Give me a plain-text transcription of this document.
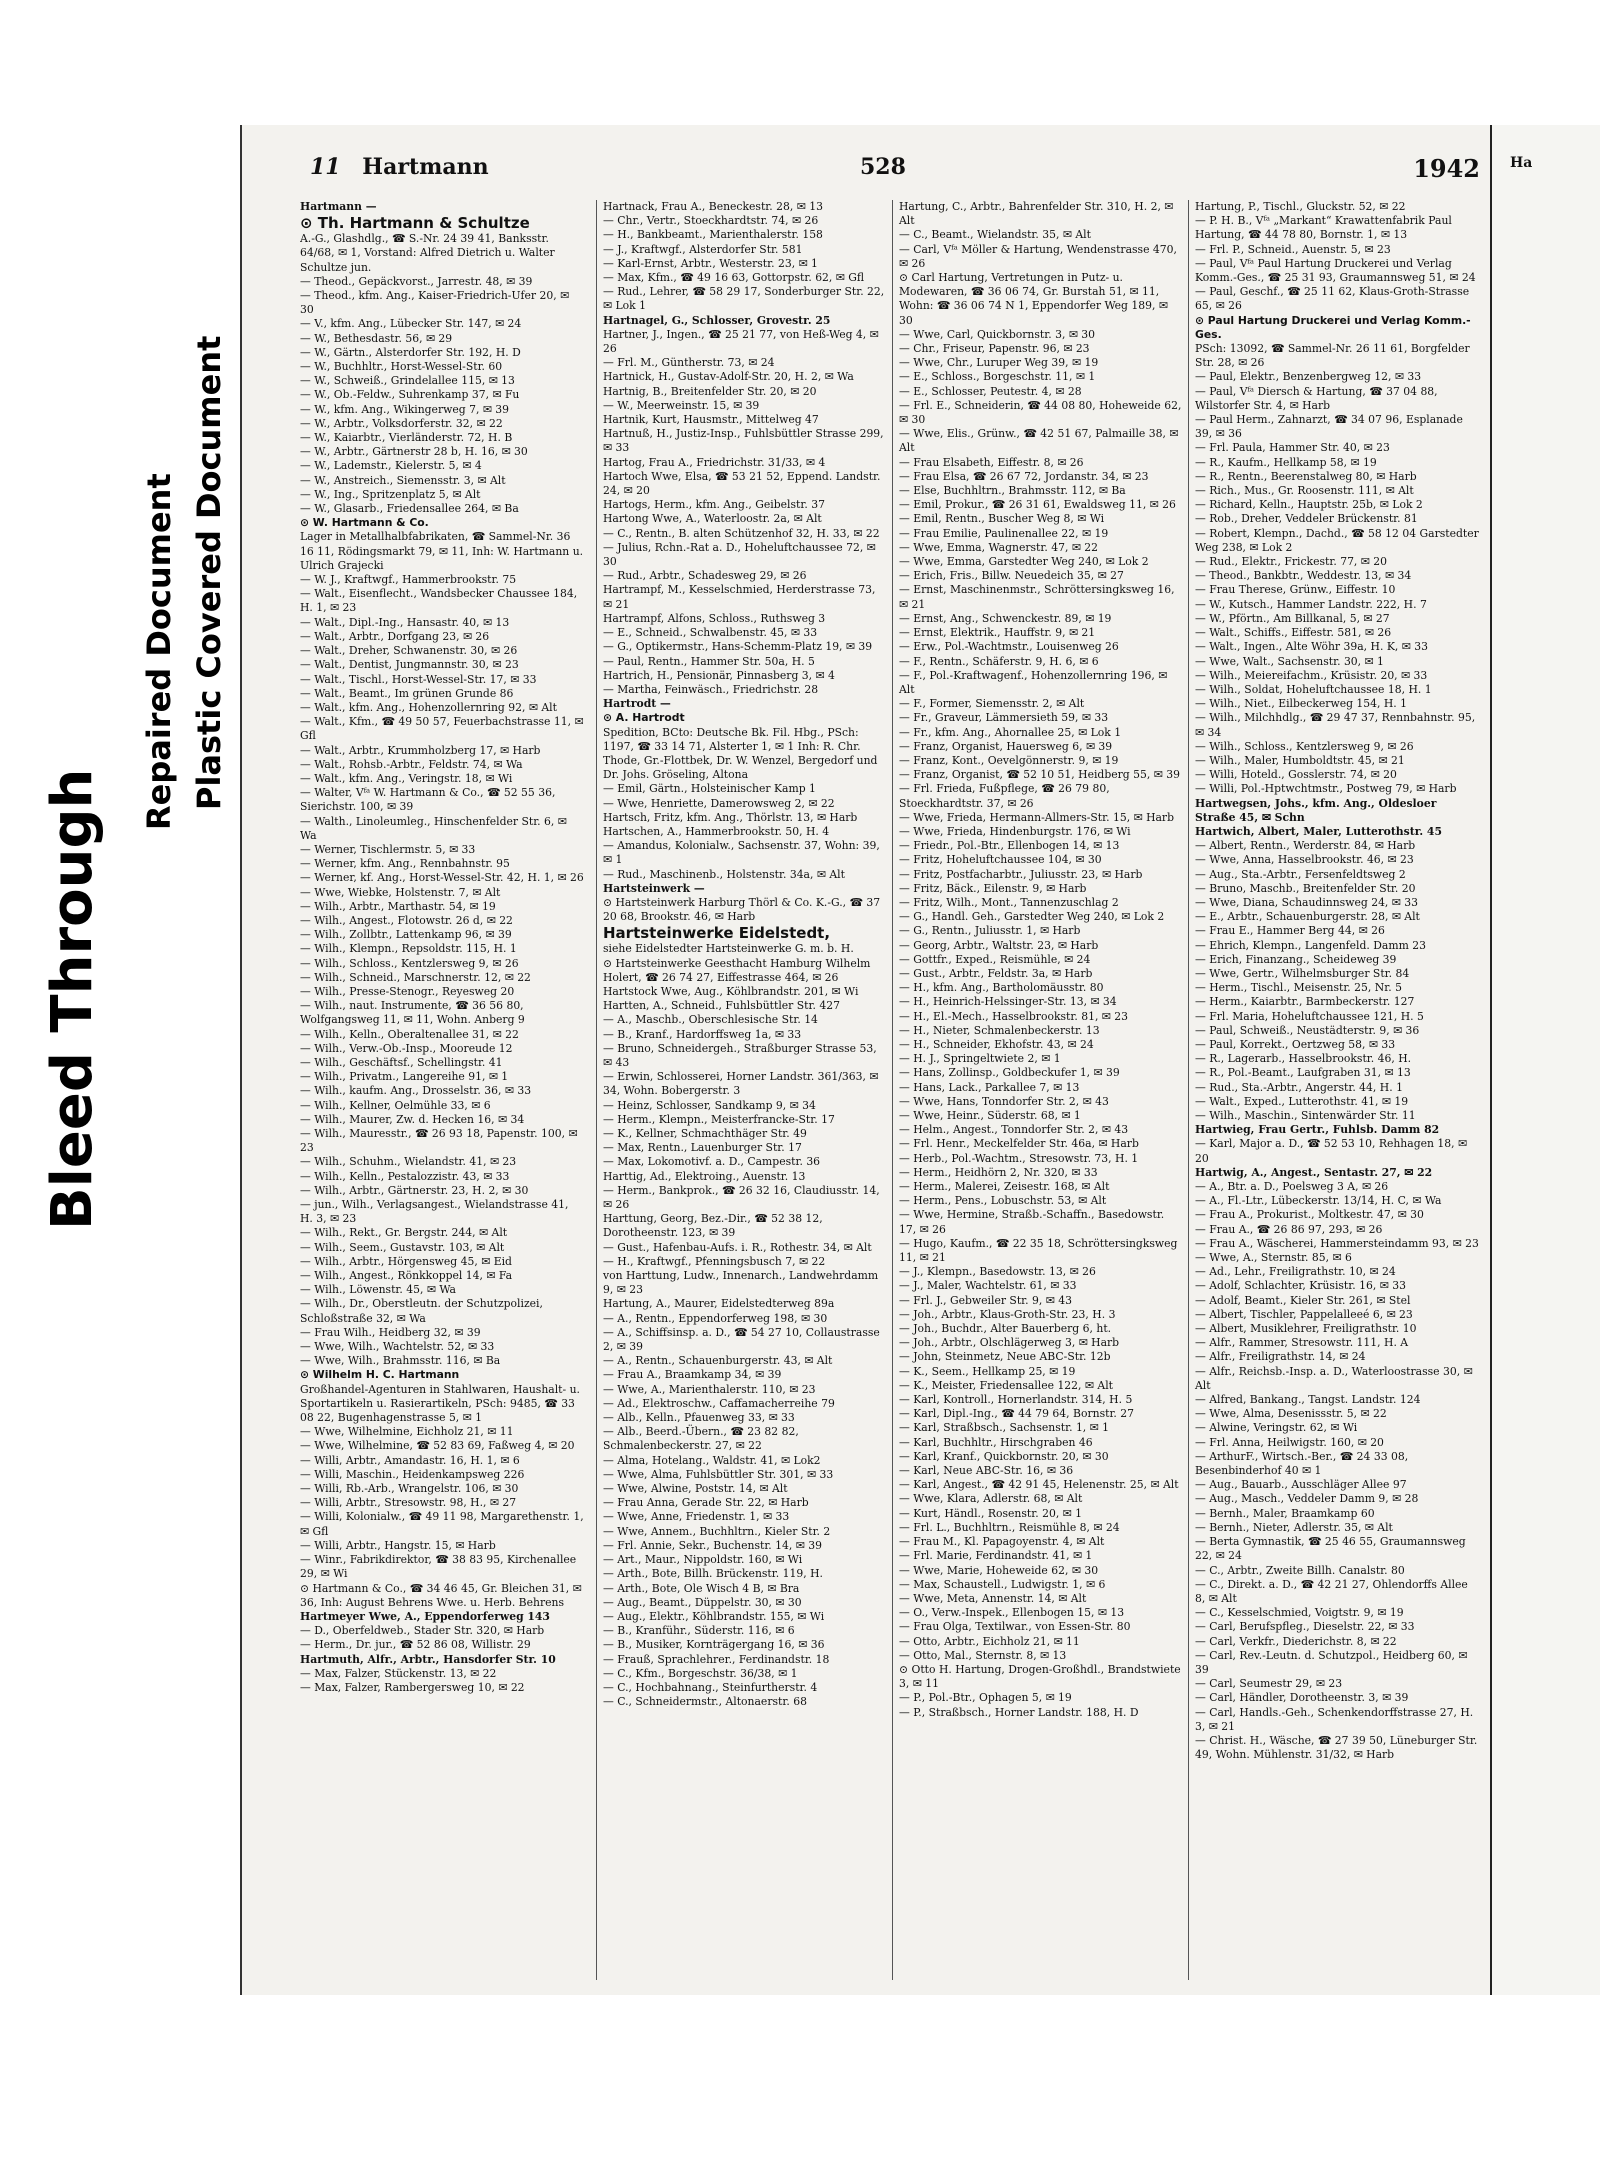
Bleed Through
Repaired Document Plastic Covered Document
Ha
11 Hartmann	528	1942
Hartmann —
⊙ Th. Hartmann & Schultze
A.-G., Glashdlg., ☎ S.-Nr. 24 39 41, Banksstr. 64/68, ✉ 1, Vorstand: Alfred Dietrich u. Walter Schultze jun.
— Theod., Gepäckvorst., Jarrestr. 48, ✉ 39
— Theod., kfm. Ang., Kaiser-Friedrich-Ufer 20, ✉ 30
— V., kfm. Ang., Lübecker Str. 147, ✉ 24
— W., Bethesdastr. 56, ✉ 29
— W., Gärtn., Alsterdorfer Str. 192, H. D
— W., Buchhltr., Horst-Wessel-Str. 60
— W., Schweiß., Grindelallee 115, ✉ 13
— W., Ob.-Feldw., Suhrenkamp 37, ✉ Fu
— W., kfm. Ang., Wikingerweg 7, ✉ 39
— W., Arbtr., Volksdorferstr. 32, ✉ 22
— W., Kaiarbtr., Vierländerstr. 72, H. B
— W., Arbtr., Gärtnerstr 28 b, H. 16, ✉ 30
— W., Lademstr., Kielerstr. 5, ✉ 4
— W., Anstreich., Siemensstr. 3, ✉ Alt
— W., Ing., Spritzenplatz 5, ✉ Alt
— W., Glasarb., Friedensallee 264, ✉ Ba
⊙ W. Hartmann & Co.
Lager in Metallhalbfabrikaten, ☎ Sammel-Nr. 36 16 11, Rödingsmarkt 79, ✉ 11, Inh: W. Hartmann u. Ulrich Grajecki
— W. J., Kraftwgf., Hammerbrookstr. 75
— Walt., Eisenflecht., Wandsbecker Chaussee 184, H. 1, ✉ 23
— Walt., Dipl.-Ing., Hansastr. 40, ✉ 13
— Walt., Arbtr., Dorfgang 23, ✉ 26
— Walt., Dreher, Schwanenstr. 30, ✉ 26
— Walt., Dentist, Jungmannstr. 30, ✉ 23
— Walt., Tischl., Horst-Wessel-Str. 17, ✉ 33
— Walt., Beamt., Im grünen Grunde 86
— Walt., kfm. Ang., Hohenzollernring 92, ✉ Alt
— Walt., Kfm., ☎ 49 50 57, Feuerbachstrasse 11, ✉ Gfl
— Walt., Arbtr., Krummholzberg 17, ✉ Harb
— Walt., Rohsb.-Arbtr., Feldstr. 74, ✉ Wa
— Walt., kfm. Ang., Veringstr. 18, ✉ Wi
— Walter, Vᶠᵃ W. Hartmann & Co., ☎ 52 55 36, Sierichstr. 100, ✉ 39
— Walth., Linoleumleg., Hinschenfelder Str. 6, ✉ Wa
— Werner, Tischlermstr. 5, ✉ 33
— Werner, kfm. Ang., Rennbahnstr. 95
— Werner, kf. Ang., Horst-Wessel-Str. 42, H. 1, ✉ 26
— Wwe, Wiebke, Holstenstr. 7, ✉ Alt
— Wilh., Arbtr., Marthastr. 54, ✉ 19
— Wilh., Angest., Flotowstr. 26 d, ✉ 22
— Wilh., Zollbtr., Lattenkamp 96, ✉ 39
— Wilh., Klempn., Repsoldstr. 115, H. 1
— Wilh., Schloss., Kentzlersweg 9, ✉ 26
— Wilh., Schneid., Marschnerstr. 12, ✉ 22
— Wilh., Presse-Stenogr., Reyesweg 20
— Wilh., naut. Instrumente, ☎ 36 56 80, Wolfgangsweg 11, ✉ 11, Wohn. Anberg 9
— Wilh., Kelln., Oberaltenallee 31, ✉ 22
— Wilh., Verw.-Ob.-Insp., Mooreude 12
— Wilh., Geschäftsf., Schellingstr. 41
— Wilh., Privatm., Langereihe 91, ✉ 1
— Wilh., kaufm. Ang., Drosselstr. 36, ✉ 33
— Wilh., Kellner, Oelmühle 33, ✉ 6
— Wilh., Maurer, Zw. d. Hecken 16, ✉ 34
— Wilh., Mauresstr., ☎ 26 93 18, Papenstr. 100, ✉ 23
— Wilh., Schuhm., Wielandstr. 41, ✉ 23
— Wilh., Kelln., Pestalozzistr. 43, ✉ 33
— Wilh., Arbtr., Gärtnerstr. 23, H. 2, ✉ 30
— jun., Wilh., Verlagsangest., Wielandstrasse 41, H. 3, ✉ 23
— Wilh., Rekt., Gr. Bergstr. 244, ✉ Alt
— Wilh., Seem., Gustavstr. 103, ✉ Alt
— Wilh., Arbtr., Hörgensweg 45, ✉ Eid
— Wilh., Angest., Rönkkoppel 14, ✉ Fa
— Wilh., Löwenstr. 45, ✉ Wa
— Wilh., Dr., Oberstleutn. der Schutzpolizei, Schloßstraße 32, ✉ Wa
— Frau Wilh., Heidberg 32, ✉ 39
— Wwe, Wilh., Wachtelstr. 52, ✉ 33
— Wwe, Wilh., Brahmsstr. 116, ✉ Ba
⊙ Wilhelm H. C. Hartmann
Großhandel-Agenturen in Stahlwaren, Haushalt- u. Sportartikeln u. Rasierartikeln, PSch: 9485, ☎ 33 08 22, Bugenhagenstrasse 5, ✉ 1
— Wwe, Wilhelmine, Eichholz 21, ✉ 11
— Wwe, Wilhelmine, ☎ 52 83 69, Faßweg 4, ✉ 20
— Willi, Arbtr., Amandastr. 16, H. 1, ✉ 6
— Willi, Maschin., Heidenkampsweg 226
— Willi, Rb.-Arb., Wrangelstr. 106, ✉ 30
— Willi, Arbtr., Stresowstr. 98, H., ✉ 27
— Willi, Kolonialw., ☎ 49 11 98, Margarethenstr. 1, ✉ Gfl
— Willi, Arbtr., Hangstr. 15, ✉ Harb
— Winr., Fabrikdirektor, ☎ 38 83 95, Kirchenallee 29, ✉ Wi
⊙ Hartmann & Co., ☎ 34 46 45, Gr. Bleichen 31, ✉ 36, Inh: August Behrens Wwe. u. Herb. Behrens
Hartmeyer Wwe, A., Eppendorferweg 143
— D., Oberfeldweb., Stader Str. 320, ✉ Harb
— Herm., Dr. jur., ☎ 52 86 08, Willistr. 29
Hartmuth, Alfr., Arbtr., Hansdorfer Str. 10
— Max, Falzer, Stückenstr. 13, ✉ 22
— Max, Falzer, Rambergersweg 10, ✉ 22
Hartnack, Frau A., Beneckestr. 28, ✉ 13
— Chr., Vertr., Stoeckhardtstr. 74, ✉ 26
— H., Bankbeamt., Marienthalerstr. 158
— J., Kraftwgf., Alsterdorfer Str. 581
— Karl-Ernst, Arbtr., Westerstr. 23, ✉ 1
— Max, Kfm., ☎ 49 16 63, Gottorpstr. 62, ✉ Gfl
— Rud., Lehrer, ☎ 58 29 17, Sonderburger Str. 22, ✉ Lok 1
Hartnagel, G., Schlosser, Grovestr. 25
Hartner, J., Ingen., ☎ 25 21 77, von Heß-Weg 4, ✉ 26
— Frl. M., Güntherstr. 73, ✉ 24
Hartnick, H., Gustav-Adolf-Str. 20, H. 2, ✉ Wa
Hartnig, B., Breitenfelder Str. 20, ✉ 20
— W., Meerweinstr. 15, ✉ 39
Hartnik, Kurt, Hausmstr., Mittelweg 47
Hartnuß, H., Justiz-Insp., Fuhlsbüttler Strasse 299, ✉ 33
Hartog, Frau A., Friedrichstr. 31/33, ✉ 4
Hartoch Wwe, Elsa, ☎ 53 21 52, Eppend. Landstr. 24, ✉ 20
Hartogs, Herm., kfm. Ang., Geibelstr. 37
Hartong Wwe, A., Waterloostr. 2a, ✉ Alt
— C., Rentn., B. alten Schützenhof 32, H. 33, ✉ 22
— Julius, Rchn.-Rat a. D., Hoheluftchaussee 72, ✉ 30
— Rud., Arbtr., Schadesweg 29, ✉ 26
Hartrampf, M., Kesselschmied, Herderstrasse 73, ✉ 21
Hartrampf, Alfons, Schloss., Ruthsweg 3
— E., Schneid., Schwalbenstr. 45, ✉ 33
— G., Optikermstr., Hans-Schemm-Platz 19, ✉ 39
— Paul, Rentn., Hammer Str. 50a, H. 5
Hartrich, H., Pensionär, Pinnasberg 3, ✉ 4
— Martha, Feinwäsch., Friedrichstr. 28
Hartrodt —
⊙ A. Hartrodt
Spedition, BCto: Deutsche Bk. Fil. Hbg., PSch: 1197, ☎ 33 14 71, Alsterter 1, ✉ 1 Inh: R. Chr. Thode, Gr.-Flottbek, Dr. W. Wenzel, Bergedorf und Dr. Johs. Gröseling, Altona
— Emil, Gärtn., Holsteinischer Kamp 1
— Wwe, Henriette, Damerowsweg 2, ✉ 22
Hartsch, Fritz, kfm. Ang., Thörlstr. 13, ✉ Harb
Hartschen, A., Hammerbrookstr. 50, H. 4
— Amandus, Kolonialw., Sachsenstr. 37, Wohn: 39, ✉ 1
— Rud., Maschinenb., Holstenstr. 34a, ✉ Alt
Hartsteinwerk —
⊙ Hartsteinwerk Harburg Thörl & Co. K.-G., ☎ 37 20 68, Brookstr. 46, ✉ Harb
Hartsteinwerke Eidelstedt,
siehe Eidelstedter Hartsteinwerke G. m. b. H.
⊙ Hartsteinwerke Geesthacht Hamburg Wilhelm Holert, ☎ 26 74 27, Eiffestrasse 464, ✉ 26
Hartstock Wwe, Aug., Köhlbrandstr. 201, ✉ Wi
Hartten, A., Schneid., Fuhlsbüttler Str. 427
— A., Maschb., Oberschlesische Str. 14
— B., Kranf., Hardorffsweg 1a, ✉ 33
— Bruno, Schneidergeh., Straßburger Strasse 53, ✉ 43
— Erwin, Schlosserei, Horner Landstr. 361/363, ✉ 34, Wohn. Bobergerstr. 3
— Heinz, Schlosser, Sandkamp 9, ✉ 34
— Herm., Klempn., Meisterfrancke-Str. 17
— K., Kellner, Schmachthäger Str. 49
— Max, Rentn., Lauenburger Str. 17
— Max, Lokomotivf. a. D., Campestr. 36
Harttig, Ad., Elektroing., Auenstr. 13
— Herm., Bankprok., ☎ 26 32 16, Claudiusstr. 14, ✉ 26
Harttung, Georg, Bez.-Dir., ☎ 52 38 12, Dorotheenstr. 123, ✉ 39
— Gust., Hafenbau-Aufs. i. R., Rothestr. 34, ✉ Alt
— H., Kraftwgf., Pfenningsbusch 7, ✉ 22
von Harttung, Ludw., Innenarch., Landwehrdamm 9, ✉ 23
Hartung, A., Maurer, Eidelstedterweg 89a
— A., Rentn., Eppendorferweg 198, ✉ 30
— A., Schiffsinsp. a. D., ☎ 54 27 10, Collaustrasse 2, ✉ 39
— A., Rentn., Schauenburgerstr. 43, ✉ Alt
— Frau A., Braamkamp 34, ✉ 39
— Wwe, A., Marienthalerstr. 110, ✉ 23
— Ad., Elektroschw., Caffamacherreihe 79
— Alb., Kelln., Pfauenweg 33, ✉ 33
— Alb., Beerd.-Übern., ☎ 23 82 82, Schmalenbeckerstr. 27, ✉ 22
— Alma, Hotelang., Waldstr. 41, ✉ Lok2
— Wwe, Alma, Fuhlsbüttler Str. 301, ✉ 33
— Wwe, Alwine, Poststr. 14, ✉ Alt
— Frau Anna, Gerade Str. 22, ✉ Harb
— Wwe, Anne, Friedenstr. 1, ✉ 33
— Wwe, Annem., Buchhltrn., Kieler Str. 2
— Frl. Annie, Sekr., Buchenstr. 14, ✉ 39
— Art., Maur., Nippoldstr. 160, ✉ Wi
— Arth., Bote, Billh. Brückenstr. 119, H.
— Arth., Bote, Ole Wisch 4 B, ✉ Bra
— Aug., Beamt., Düppelstr. 30, ✉ 30
— Aug., Elektr., Köhlbrandstr. 155, ✉ Wi
— B., Kranführ., Süderstr. 116, ✉ 6
— B., Musiker, Kornträgergang 16, ✉ 36
— Frauß, Sprachlehrer., Ferdinandstr. 18
— C., Kfm., Borgeschstr. 36/38, ✉ 1
— C., Hochbahnang., Steinfurtherstr. 4
— C., Schneidermstr., Altonaerstr. 68
Hartung, C., Arbtr., Bahrenfelder Str. 310, H. 2, ✉ Alt
— C., Beamt., Wielandstr. 35, ✉ Alt
— Carl, Vᶠᵃ Möller & Hartung, Wendenstrasse 470, ✉ 26
⊙ Carl Hartung, Vertretungen in Putz- u. Modewaren, ☎ 36 06 74, Gr. Burstah 51, ✉ 11, Wohn: ☎ 36 06 74 N 1, Eppendorfer Weg 189, ✉ 30
— Wwe, Carl, Quickbornstr. 3, ✉ 30
— Chr., Friseur, Papenstr. 96, ✉ 23
— Wwe, Chr., Luruper Weg 39, ✉ 19
— E., Schloss., Borgeschstr. 11, ✉ 1
— E., Schlosser, Peutestr. 4, ✉ 28
— Frl. E., Schneiderin, ☎ 44 08 80, Hoheweide 62, ✉ 30
— Wwe, Elis., Grünw., ☎ 42 51 67, Palmaille 38, ✉ Alt
— Frau Elsabeth, Eiffestr. 8, ✉ 26
— Frau Elsa, ☎ 26 67 72, Jordanstr. 34, ✉ 23
— Else, Buchhltrn., Brahmsstr. 112, ✉ Ba
— Emil, Prokur., ☎ 26 31 61, Ewaldsweg 11, ✉ 26
— Emil, Rentn., Buscher Weg 8, ✉ Wi
— Frau Emilie, Paulinenallee 22, ✉ 19
— Wwe, Emma, Wagnerstr. 47, ✉ 22
— Wwe, Emma, Garstedter Weg 240, ✉ Lok 2
— Erich, Fris., Billw. Neuedeich 35, ✉ 27
— Ernst, Maschinenmstr., Schröttersingksweg 16, ✉ 21
— Ernst, Ang., Schwenckestr. 89, ✉ 19
— Ernst, Elektrik., Hauffstr. 9, ✉ 21
— Erw., Pol.-Wachtmstr., Louisenweg 26
— F., Rentn., Schäferstr. 9, H. 6, ✉ 6
— F., Pol.-Kraftwagenf., Hohenzollernring 196, ✉ Alt
— F., Former, Siemensstr. 2, ✉ Alt
— Fr., Graveur, Lämmersieth 59, ✉ 33
— Fr., kfm. Ang., Ahornallee 25, ✉ Lok 1
— Franz, Organist, Hauersweg 6, ✉ 39
— Franz, Kont., Oevelgönnerstr. 9, ✉ 19
— Franz, Organist, ☎ 52 10 51, Heidberg 55, ✉ 39
— Frl. Frieda, Fußpflege, ☎ 26 79 80, Stoeckhardtstr. 37, ✉ 26
— Wwe, Frieda, Hermann-Allmers-Str. 15, ✉ Harb
— Wwe, Frieda, Hindenburgstr. 176, ✉ Wi
— Friedr., Pol.-Btr., Ellenbogen 14, ✉ 13
— Fritz, Hoheluftchaussee 104, ✉ 30
— Fritz, Postfacharbtr., Juliusstr. 23, ✉ Harb
— Fritz, Bäck., Eilenstr. 9, ✉ Harb
— Fritz, Wilh., Mont., Tannenzuschlag 2
— G., Handl. Geh., Garstedter Weg 240, ✉ Lok 2
— G., Rentn., Juliusstr. 1, ✉ Harb
— Georg, Arbtr., Waltstr. 23, ✉ Harb
— Gottfr., Exped., Reismühle, ✉ 24
— Gust., Arbtr., Feldstr. 3a, ✉ Harb
— H., kfm. Ang., Bartholomäusstr. 80
— H., Heinrich-Helssinger-Str. 13, ✉ 34
— H., El.-Mech., Hasselbrookstr. 81, ✉ 23
— H., Nieter, Schmalenbeckerstr. 13
— H., Schneider, Ekhofstr. 43, ✉ 24
— H. J., Springeltwiete 2, ✉ 1
— Hans, Zollinsp., Goldbeckufer 1, ✉ 39
— Hans, Lack., Parkallee 7, ✉ 13
— Wwe, Hans, Tonndorfer Str. 2, ✉ 43
— Wwe, Heinr., Süderstr. 68, ✉ 1
— Helm., Angest., Tonndorfer Str. 2, ✉ 43
— Frl. Henr., Meckelfelder Str. 46a, ✉ Harb
— Herb., Pol.-Wachtm., Stresowstr. 73, H. 1
— Herm., Heidhörn 2, Nr. 320, ✉ 33
— Herm., Malerei, Zeisestr. 168, ✉ Alt
— Herm., Pens., Lobuschstr. 53, ✉ Alt
— Wwe, Hermine, Straßb.-Schaffn., Basedowstr. 17, ✉ 26
— Hugo, Kaufm., ☎ 22 35 18, Schröttersingksweg 11, ✉ 21
— J., Klempn., Basedowstr. 13, ✉ 26
— J., Maler, Wachtelstr. 61, ✉ 33
— Frl. J., Gebweiler Str. 9, ✉ 43
— Joh., Arbtr., Klaus-Groth-Str. 23, H. 3
— Joh., Buchdr., Alter Bauerberg 6, ht.
— Joh., Arbtr., Olschlägerweg 3, ✉ Harb
— John, Steinmetz, Neue ABC-Str. 12b
— K., Seem., Hellkamp 25, ✉ 19
— K., Meister, Friedensallee 122, ✉ Alt
— Karl, Kontroll., Hornerlandstr. 314, H. 5
— Karl, Dipl.-Ing., ☎ 44 79 64, Bornstr. 27
— Karl, Straßbsch., Sachsenstr. 1, ✉ 1
— Karl, Buchhltr., Hirschgraben 46
— Karl, Kranf., Quickbornstr. 20, ✉ 30
— Karl, Neue ABC-Str. 16, ✉ 36
— Karl, Angest., ☎ 42 91 45, Helenenstr. 25, ✉ Alt
— Wwe, Klara, Adlerstr. 68, ✉ Alt
— Kurt, Händl., Rosenstr. 20, ✉ 1
— Frl. L., Buchhltrn., Reismühle 8, ✉ 24
— Frau M., Kl. Papagoyenstr. 4, ✉ Alt
— Frl. Marie, Ferdinandstr. 41, ✉ 1
— Wwe, Marie, Hoheweide 62, ✉ 30
— Max, Schaustell., Ludwigstr. 1, ✉ 6
— Wwe, Meta, Annenstr. 14, ✉ Alt
— O., Verw.-Inspek., Ellenbogen 15, ✉ 13
— Frau Olga, Textilwar., von Essen-Str. 80
— Otto, Arbtr., Eichholz 21, ✉ 11
— Otto, Mal., Sternstr. 8, ✉ 13
⊙ Otto H. Hartung, Drogen-Großhdl., Brandstwiete 3, ✉ 11
— P., Pol.-Btr., Ophagen 5, ✉ 19
— P., Straßbsch., Horner Landstr. 188, H. D
Hartung, P., Tischl., Gluckstr. 52, ✉ 22
— P. H. B., Vᶠᵃ „Markant“ Krawattenfabrik Paul Hartung, ☎ 44 78 80, Bornstr. 1, ✉ 13
— Frl. P., Schneid., Auenstr. 5, ✉ 23
— Paul, Vᶠᵃ Paul Hartung Druckerei und Verlag Komm.-Ges., ☎ 25 31 93, Graumannsweg 51, ✉ 24
— Paul, Geschf., ☎ 25 11 62, Klaus-Groth-Strasse 65, ✉ 26
⊙ Paul Hartung Druckerei und Verlag Komm.-Ges.
PSch: 13092, ☎ Sammel-Nr. 26 11 61, Borgfelder Str. 28, ✉ 26
— Paul, Elektr., Benzenbergweg 12, ✉ 33
— Paul, Vᶠᵃ Diersch & Hartung, ☎ 37 04 88, Wilstorfer Str. 4, ✉ Harb
— Paul Herm., Zahnarzt, ☎ 34 07 96, Esplanade 39, ✉ 36
— Frl. Paula, Hammer Str. 40, ✉ 23
— R., Kaufm., Hellkamp 58, ✉ 19
— R., Rentn., Beerenstalweg 80, ✉ Harb
— Rich., Mus., Gr. Roosenstr. 111, ✉ Alt
— Richard, Kelln., Hauptstr. 25b, ✉ Lok 2
— Rob., Dreher, Veddeler Brückenstr. 81
— Robert, Klempn., Dachd., ☎ 58 12 04 Garstedter Weg 238, ✉ Lok 2
— Rud., Elektr., Frickestr. 77, ✉ 20
— Theod., Bankbtr., Weddestr. 13, ✉ 34
— Frau Therese, Grünw., Eiffestr. 10
— W., Kutsch., Hammer Landstr. 222, H. 7
— W., Pförtn., Am Billkanal, 5, ✉ 27
— Walt., Schiffs., Eiffestr. 581, ✉ 26
— Walt., Ingen., Alte Wöhr 39a, H. K, ✉ 33
— Wwe, Walt., Sachsenstr. 30, ✉ 1
— Wilh., Meiereifachm., Krüsistr. 20, ✉ 33
— Wilh., Soldat, Hoheluftchaussee 18, H. 1
— Wilh., Niet., Eilbeckerweg 154, H. 1
— Wilh., Milchhdlg., ☎ 29 47 37, Rennbahnstr. 95, ✉ 34
— Wilh., Schloss., Kentzlersweg 9, ✉ 26
— Wilh., Maler, Humboldtstr. 45, ✉ 21
— Willi, Hoteld., Gosslerstr. 74, ✉ 20
— Willi, Pol.-Hptwchtmstr., Postweg 79, ✉ Harb
Hartwegsen, Johs., kfm. Ang., Oldesloer Straße 45, ✉ Schn
Hartwich, Albert, Maler, Lutterothstr. 45
— Albert, Rentn., Werderstr. 84, ✉ Harb
— Wwe, Anna, Hasselbrookstr. 46, ✉ 23
— Aug., Sta.-Arbtr., Fersenfeldtsweg 2
— Bruno, Maschb., Breitenfelder Str. 20
— Wwe, Diana, Schaudinnsweg 24, ✉ 33
— E., Arbtr., Schauenburgerstr. 28, ✉ Alt
— Frau E., Hammer Berg 44, ✉ 26
— Ehrich, Klempn., Langenfeld. Damm 23
— Erich, Finanzang., Scheideweg 39
— Wwe, Gertr., Wilhelmsburger Str. 84
— Herm., Tischl., Meisenstr. 25, Nr. 5
— Herm., Kaiarbtr., Barmbeckerstr. 127
— Frl. Maria, Hoheluftchaussee 121, H. 5
— Paul, Schweiß., Neustädterstr. 9, ✉ 36
— Paul, Korrekt., Oertzweg 58, ✉ 33
— R., Lagerarb., Hasselbrookstr. 46, H.
— R., Pol.-Beamt., Laufgraben 31, ✉ 13
— Rud., Sta.-Arbtr., Angerstr. 44, H. 1
— Walt., Exped., Lutterothstr. 41, ✉ 19
— Wilh., Maschin., Sintenwärder Str. 11
Hartwieg, Frau Gertr., Fuhlsb. Damm 82
— Karl, Major a. D., ☎ 52 53 10, Rehhagen 18, ✉ 20
Hartwig, A., Angest., Sentastr. 27, ✉ 22
— A., Btr. a. D., Poelsweg 3 A, ✉ 26
— A., Fl.-Ltr., Lübeckerstr. 13/14, H. C, ✉ Wa
— Frau A., Prokurist., Moltkestr. 47, ✉ 30
— Frau A., ☎ 26 86 97, 293, ✉ 26
— Frau A., Wäscherei, Hammersteindamm 93, ✉ 23
— Wwe, A., Sternstr. 85, ✉ 6
— Ad., Lehr., Freiligrathstr. 10, ✉ 24
— Adolf, Schlachter, Krüsistr. 16, ✉ 33
— Adolf, Beamt., Kieler Str. 261, ✉ Stel
— Albert, Tischler, Pappelalleeé 6, ✉ 23
— Albert, Musiklehrer, Freiligrathstr. 10
— Alfr., Rammer, Stresowstr. 111, H. A
— Alfr., Freiligrathstr. 14, ✉ 24
— Alfr., Reichsb.-Insp. a. D., Waterloostrasse 30, ✉ Alt
— Alfred, Bankang., Tangst. Landstr. 124
— Wwe, Alma, Desenissstr. 5, ✉ 22
— Alwine, Veringstr. 62, ✉ Wi
— Frl. Anna, Heilwigstr. 160, ✉ 20
— ArthurF., Wirtsch.-Ber., ☎ 24 33 08, Besenbinderhof 40 ✉ 1
— Aug., Bauarb., Ausschläger Allee 97
— Aug., Masch., Veddeler Damm 9, ✉ 28
— Bernh., Maler, Braamkamp 60
— Bernh., Nieter, Adlerstr. 35, ✉ Alt
— Berta Gymnastik, ☎ 25 46 55, Graumannsweg 22, ✉ 24
— C., Arbtr., Zweite Billh. Canalstr. 80
— C., Direkt. a. D., ☎ 42 21 27, Ohlendorffs Allee 8, ✉ Alt
— C., Kesselschmied, Voigtstr. 9, ✉ 19
— Carl, Berufspfleg., Dieselstr. 22, ✉ 33
— Carl, Verkfr., Diederichstr. 8, ✉ 22
— Carl, Rev.-Leutn. d. Schutzpol., Heidberg 60, ✉ 39
— Carl, Seumestr 29, ✉ 23
— Carl, Händler, Dorotheenstr. 3, ✉ 39
— Carl, Handls.-Geh., Schenkendorffstrasse 27, H. 3, ✉ 21
— Christ. H., Wäsche, ☎ 27 39 50, Lüneburger Str. 49, Wohn. Mühlenstr. 31/32, ✉ Harb
